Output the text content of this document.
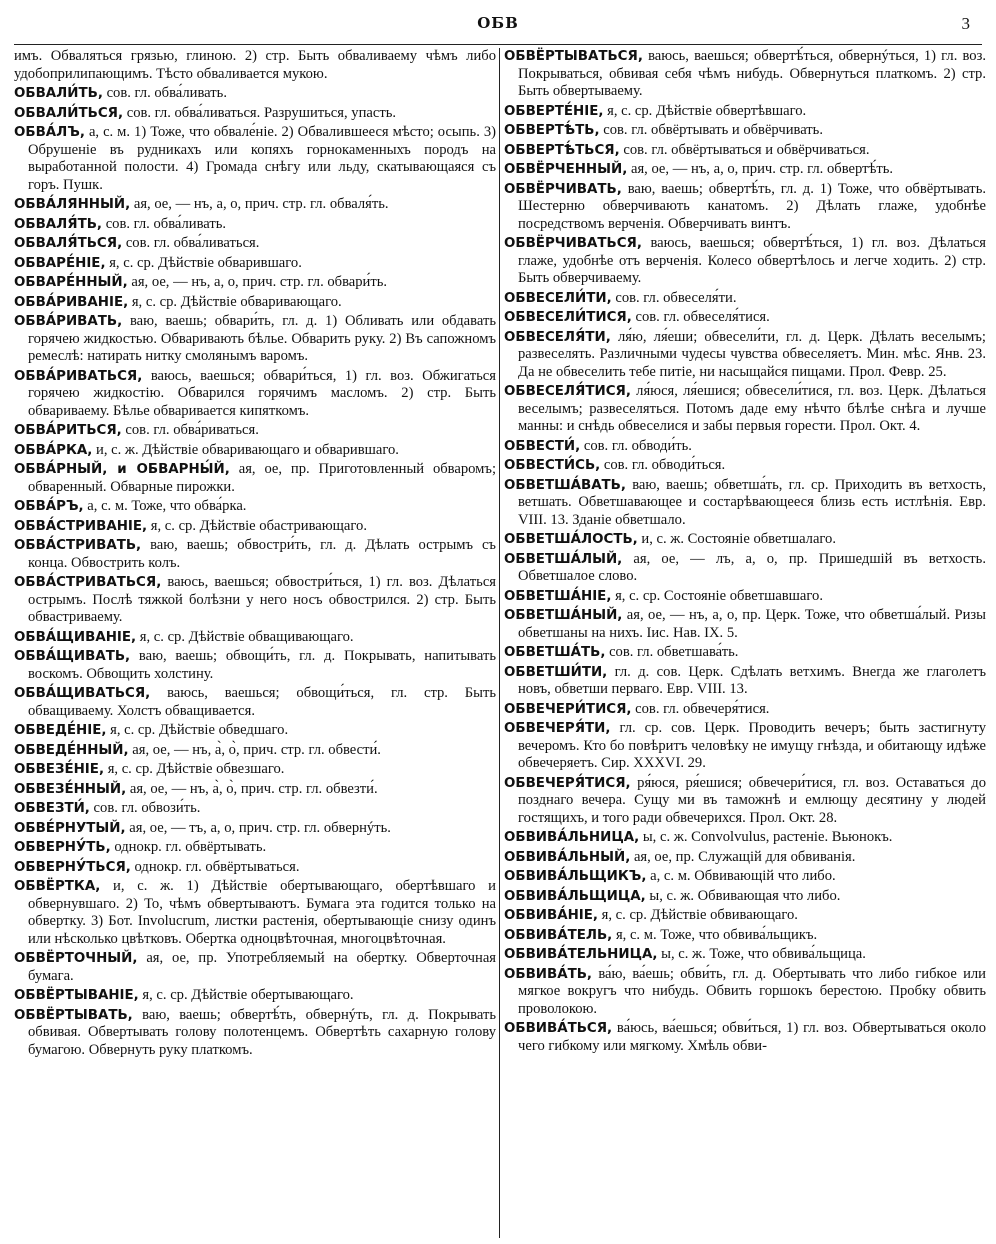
ОБВ	3

имъ. Обваляться грязью, глиною. 2) стр. Быть обваливаему чѣмъ либо удобоприлипающимъ. Тѣсто обваливается мукою.

ОБВАЛИ́ТЬ, сов. гл. обва́ливать.

ОБВАЛИ́ТЬСЯ, сов. гл. обва́ливаться. Разрушиться, упасть.

ОБВА́ЛЪ, а, с. м. 1) Тоже, что обвале́ніе. 2) Обвалившееся мѣсто; осыпь. 3) Обрушеніе въ рудникахъ или копяхъ горнокаменныхъ породъ на выработанной полости. 4) Громада снѣгу или льду, скатывающаяся съ горъ. Пушк.

ОБВА́ЛЯННЫЙ, ая, ое, — нъ, а, о, прич. стр. гл. обваля́ть.

ОБВАЛЯ́ТЬ, сов. гл. обва́ливать.

ОБВАЛЯ́ТЬСЯ, сов. гл. обва́ливаться.

ОБВАРЕ́НІЕ, я, с. ср. Дѣйствіе обварившаго.

ОБВАРЕ́ННЫЙ, ая, ое, — нъ, а, о, прич. стр. гл. обвари́ть.

ОБВА́РИВАНІЕ, я, с. ср. Дѣйствіе обваривающаго.

ОБВА́РИВАТЬ, ваю, ваешь; обвари́ть, гл. д. 1) Обливать или обдавать горячею жидкостью. Обваривають бѣлье. Обварить руку. 2) Въ сапожномъ ремеслѣ: натирать нитку смолянымъ варомъ.

ОБВА́РИВАТЬСЯ, ваюсь, ваешься; обвари́ться, 1) гл. воз. Обжигаться горячею жидкостію. Обварился горячимъ масломъ. 2) стр. Быть обвариваему. Бѣлье обваривается кипяткомъ.

ОБВА́РИТЬСЯ, сов. гл. обва́риваться.

ОБВА́РКА, и, с. ж. Дѣйствіе обваривающаго и обварившаго.

ОБВА́РНЫЙ, и ОБВАРНЫ́Й, ая, ое, пр. Приготовленный обваромъ; обваренный. Обварные пирожки.

ОБВА́РЪ, а, с. м. Тоже, что обва́рка.

ОБВА́СТРИВАНІЕ, я, с. ср. Дѣйствіе обастривающаго.

ОБВА́СТРИВАТЬ, ваю, ваешь; обвостри́ть, гл. д. Дѣлать острымъ съ конца. Обвострить колъ.

ОБВА́СТРИВАТЬСЯ, ваюсь, ваешься; обвостри́ться, 1) гл. воз. Дѣлаться острымъ. Послѣ тяжкой болѣзни у него носъ обвострился. 2) стр. Быть обвастриваему.

ОБВА́ЩИВАНІЕ, я, с. ср. Дѣйствіе обващивающаго.

ОБВА́ЩИВАТЬ, ваю, ваешь; обвощи́ть, гл. д. Покрывать, напитывать воскомъ. Обвощить холстину.

ОБВА́ЩИВАТЬСЯ, ваюсь, ваешься; обвощи́ться, гл. стр. Быть обващиваему. Холстъ обващивается.

ОБВЕДЕ́НІЕ, я, с. ср. Дѣйствіе обведшаго.

ОБВЕДЕ́ННЫЙ, ая, ое, — нъ, а̀, о̀, прич. стр. гл. обвести́.

ОБВЕЗЕ́НІЕ, я, с. ср. Дѣйствіе обвезшаго.

ОБВЕЗЕ́ННЫЙ, ая, ое, — нъ, а̀, о̀, прич. стр. гл. обвезти́.

ОБВЕЗТИ́, сов. гл. обвози́ть.

ОБВЕ́РНУТЫЙ, ая, ое, — тъ, а, о, прич. стр. гл. обвернýть.

ОБВЕРНУ́ТЬ, однокр. гл. обвёртывать.

ОБВЕРНУ́ТЬСЯ, однокр. гл. обвёртываться.

ОБВЁРТКА, и, с. ж. 1) Дѣйствіе обертывающаго, обертѣвшаго и обвернувшаго. 2) То, чѣмъ обвертываютъ. Бумага эта годится только на обвертку. 3) Бот. Involucrum, листки растенія, обертывающіе снизу одинъ или нѣсколько цвѣтковъ. Обертка одноцвѣточная, многоцвѣточная.

ОБВЁРТОЧНЫЙ, ая, ое, пр. Употребляемый на обертку. Обверточная бумага.

ОБВЁРТЫВАНІЕ, я, с. ср. Дѣйствіе обертывающаго.

ОБВЁРТЫВАТЬ, ваю, ваешь; обвертѣ́ть, обвернýть, гл. д. Покрывать обвивая. Обвертывать голову полотенцемъ. Обвертѣть сахарную голову бумагою. Обвернуть руку платкомъ.

ОБВЁРТЫВАТЬСЯ, ваюсь, ваешься; обвертѣ́ться, обвернýться, 1) гл. воз. Покрываться, обвивая себя чѣмъ нибудь. Обвернуться платкомъ. 2) стр. Быть обвертываему.

ОБВЕРТЕ́НІЕ, я, с. ср. Дѣйствіе обвертѣвшаго.

ОБВЕРТѢ́ТЬ, сов. гл. обвёртывать и обвёрчивать.

ОБВЕРТѢ́ТЬСЯ, сов. гл. обвёртываться и обвёрчиваться.

ОБВЁРЧЕННЫЙ, ая, ое, — нъ, а, о, прич. стр. гл. обвертѣ́ть.

ОБВЁРЧИВАТЬ, ваю, ваешь; обвертѣ́ть, гл. д. 1) Тоже, что обвёртывать. Шестерню обверчивають канатомъ. 2) Дѣлать глаже, удобнѣе посредствомъ верченія. Обверчивать винтъ.

ОБВЁРЧИВАТЬСЯ, ваюсь, ваешься; обвертѣ́ться, 1) гл. воз. Дѣлаться глаже, удобнѣе отъ верченія. Колесо обвертѣлось и легче ходить. 2) стр. Быть обверчиваему.

ОБВЕСЕЛИ́ТИ, сов. гл. обвеселя́ти.

ОБВЕСЕЛИ́ТИСЯ, сов. гл. обвеселя́тися.

ОБВЕСЕЛЯ́ТИ, ля́ю, ля́еши; обвесели́ти, гл. д. Церк. Дѣлать веселымъ; развеселять. Различными чудесы чувства обвеселяетъ. Мин. мѣс. Янв. 23. Да не обвеселить тебе питіе, ни насыщайся пищами. Прол. Февр. 25.

ОБВЕСЕЛЯ́ТИСЯ, ля́юся, ля́ешися; обвесели́тися, гл. воз. Церк. Дѣлаться веселымъ; развеселяться. Потомъ даде ему нѣчто бѣлѣе снѣга и лучше манны: и снѣдь обвеселися и забы первыя горести. Прол. Окт. 4.

ОБВЕСТИ́, сов. гл. обводи́ть.

ОБВЕСТИ́СЬ, сов. гл. обводи́ться.

ОБВЕТША́ВАТЬ, ваю, ваешь; обветша́ть, гл. ср. Приходить въ ветхость, ветшать. Обветшавающее и состарѣвающееся близь есть истлѣнія. Евр. VIII. 13. Зданіе обветшало.

ОБВЕТША́ЛОСТЬ, и, с. ж. Состояніе обветшалаго.

ОБВЕТША́ЛЫЙ, ая, ое, — лъ, а, о, пр. Пришедшій въ ветхость. Обветшалое слово.

ОБВЕТША́НІЕ, я, с. ср. Состояніе обветшавшаго.

ОБВЕТША́НЫЙ, ая, ое, — нъ, а, о, пр. Церк. Тоже, что обветша́лый. Ризы обветшаны на нихъ. Іис. Нав. IX. 5.

ОБВЕТША́ТЬ, сов. гл. обветшава́ть.

ОБВЕТШИ́ТИ, гл. д. сов. Церк. Сдѣлать ветхимъ. Внегда же глаголетъ новъ, обветши перваго. Евр. VIII. 13.

ОБВЕЧЕРИ́ТИСЯ, сов. гл. обвечеря́тися.

ОБВЕЧЕРЯ́ТИ, гл. ср. сов. Церк. Проводить вечеръ; быть застигнуту вечеромъ. Кто бо повѣритъ человѣку не имущу гнѣзда, и обитающу идѣже обвечеряетъ. Сир. XXXVI. 29.

ОБВЕЧЕРЯ́ТИСЯ, ря́юся, ря́ешися; обвечери́тися, гл. воз. Оставаться до позднаго вечера. Сущу ми въ таможнѣ и емлющу десятину у людей гостящихъ, и того ради обвечерихся. Прол. Окт. 28.

ОБВИВА́ЛЬНИЦА, ы, с. ж. Convolvulus, растеніе. Вьюнокъ.

ОБВИВА́ЛЬНЫЙ, ая, ое, пр. Служащій для обвиванія.

ОБВИВА́ЛЬЩИКЪ, а, с. м. Обвивающій что либо.

ОБВИВА́ЛЬЩИЦА, ы, с. ж. Обвивающая что либо.

ОБВИВА́НІЕ, я, с. ср. Дѣйствіе обвивающаго.

ОБВИВА́ТЕЛЬ, я, с. м. Тоже, что обвива́льщикъ.

ОБВИВА́ТЕЛЬНИЦА, ы, с. ж. Тоже, что обвива́льщица.

ОБВИВА́ТЬ, ва́ю, ва́ешь; обви́ть, гл. д. Обертывать что либо гибкое или мягкое вокругъ что нибудь. Обвить горшокъ берестою. Пробку обвить проволокою.

ОБВИВА́ТЬСЯ, ва́юсь, ва́ешься; обви́ться, 1) гл. воз. Обвертываться около чего гибкому или мягкому. Хмѣль обви-
